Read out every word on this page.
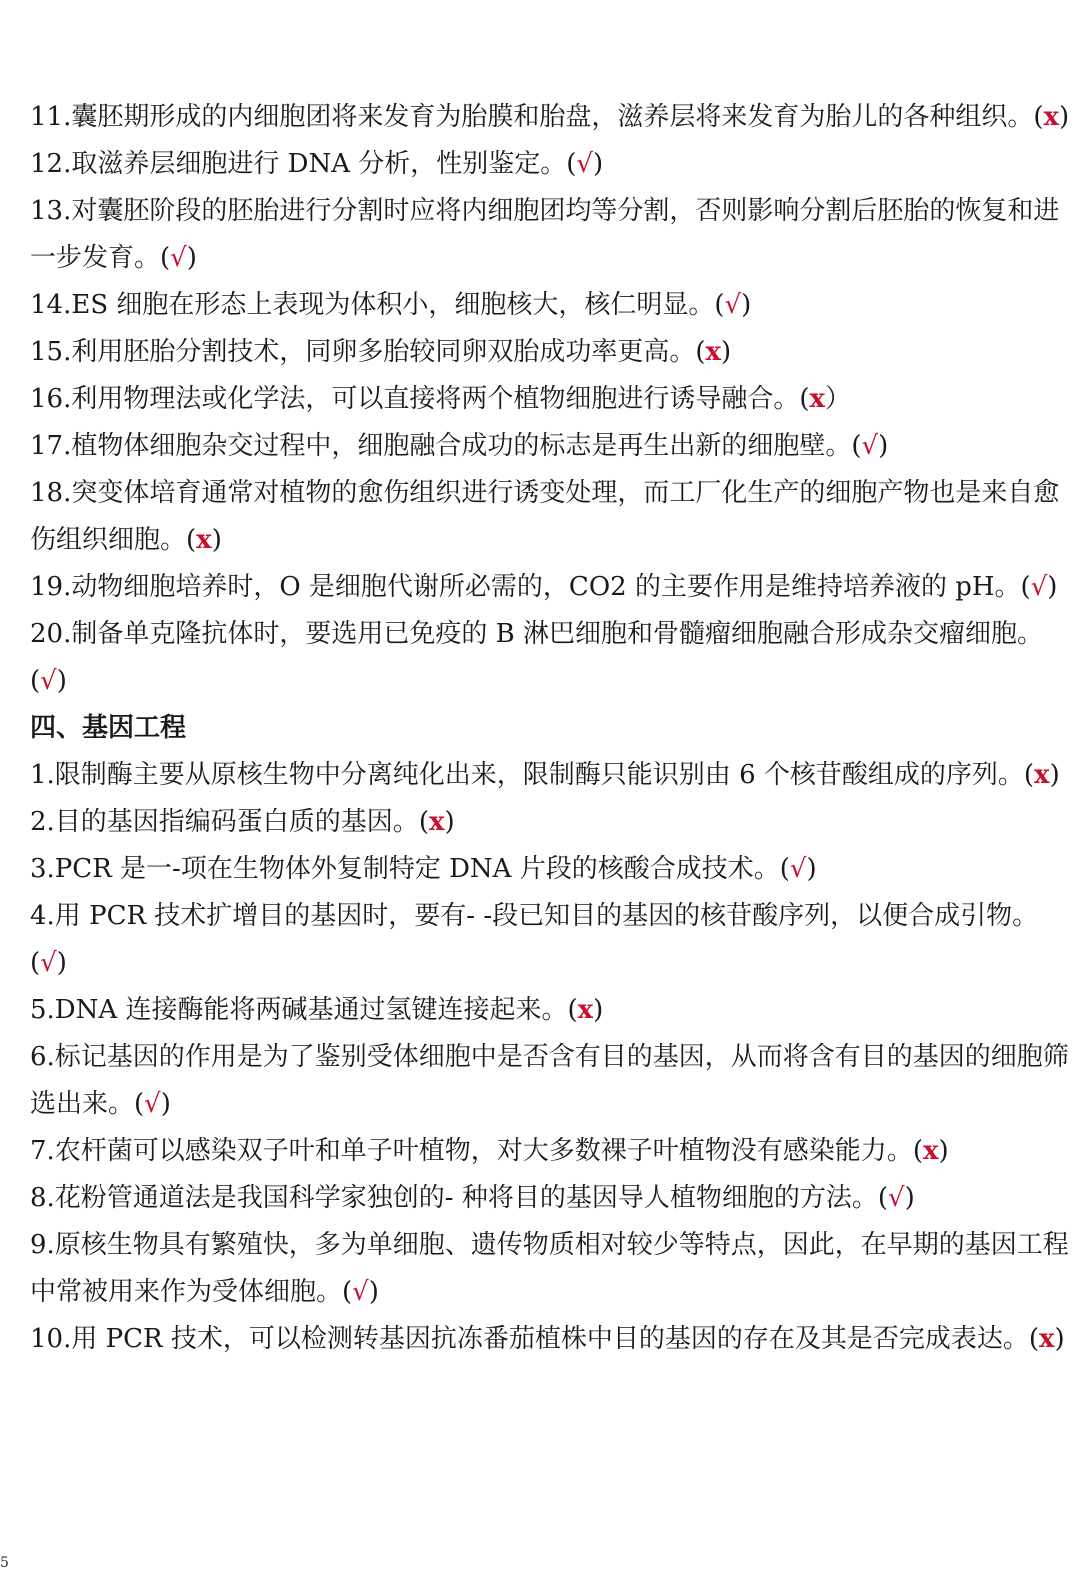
11.囊胚期形成的内细胞团将来发育为胎膜和胎盘，滋养层将来发育为胎儿的各种组织。(x)

12.取滋养层细胞进行 DNA 分析，性别鉴定。(√)

13.对囊胚阶段的胚胎进行分割时应将内细胞团均等分割，否则影响分割后胚胎的恢复和进一步发育。(√)

14.ES 细胞在形态上表现为体积小，细胞核大，核仁明显。(√)

15.利用胚胎分割技术，同卵多胎较同卵双胎成功率更高。(x)

16.利用物理法或化学法，可以直接将两个植物细胞进行诱导融合。(x）

17.植物体细胞杂交过程中，细胞融合成功的标志是再生出新的细胞壁。(√)

18.突变体培育通常对植物的愈伤组织进行诱变处理，而工厂化生产的细胞产物也是来自愈伤组织细胞。(x)

19.动物细胞培养时，O 是细胞代谢所必需的，CO2 的主要作用是维持培养液的 pH。(√)

20.制备单克隆抗体时，要选用已免疫的 B 淋巴细胞和骨髓瘤细胞融合形成杂交瘤细胞。(√)

四、基因工程

1.限制酶主要从原核生物中分离纯化出来，限制酶只能识别由 6 个核苷酸组成的序列。(x)

2.目的基因指编码蛋白质的基因。(x)

3.PCR 是一-项在生物体外复制特定 DNA 片段的核酸合成技术。(√)

4.用 PCR 技术扩增目的基因时，要有- -段已知目的基因的核苷酸序列，以便合成引物。(√)

5.DNA 连接酶能将两碱基通过氢键连接起来。(x)

6.标记基因的作用是为了鉴别受体细胞中是否含有目的基因，从而将含有目的基因的细胞筛选出来。(√)

7.农杆菌可以感染双子叶和单子叶植物，对大多数裸子叶植物没有感染能力。(x)

8.花粉管通道法是我国科学家独创的- 种将目的基因导人植物细胞的方法。(√)

9.原核生物具有繁殖快，多为单细胞、遗传物质相对较少等特点，因此，在早期的基因工程中常被用来作为受体细胞。(√)

10.用 PCR 技术，可以检测转基因抗冻番茄植株中目的基因的存在及其是否完成表达。(x)

5
